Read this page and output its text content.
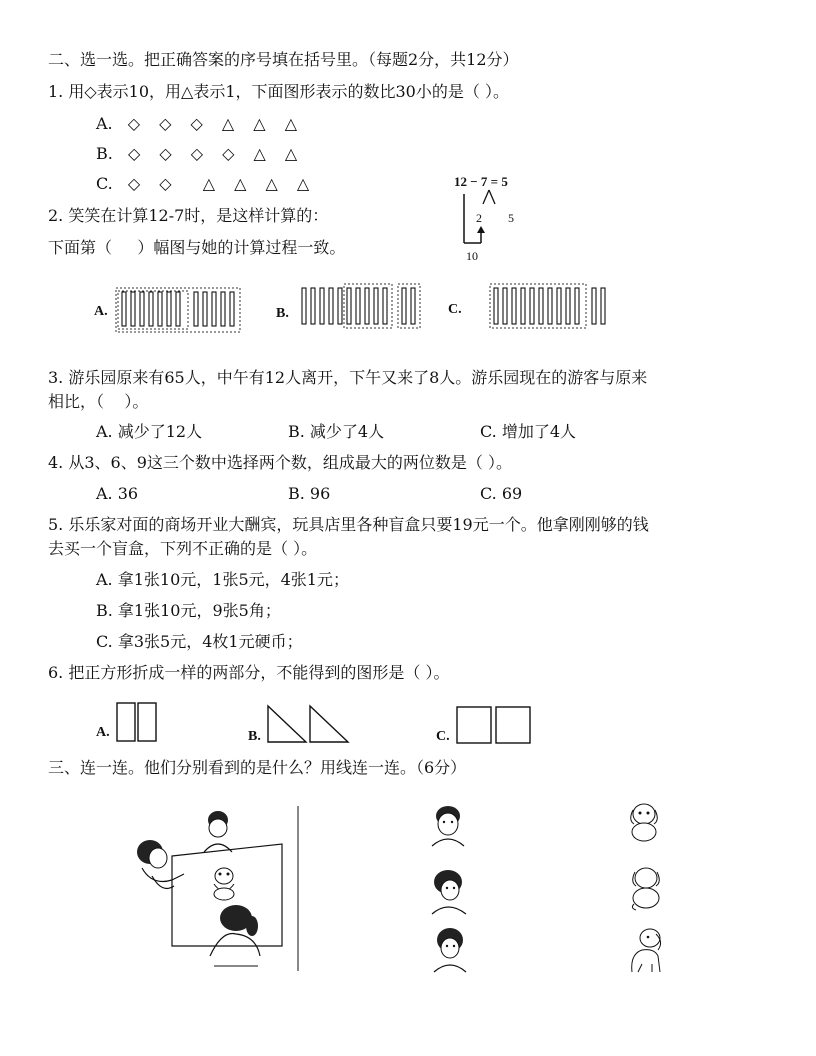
二、选一选。把正确答案的序号填在括号里。（每题2分，共12分）
1. 用◇表示10，用△表示1，下面图形表示的数比30小的是（ ）。
A. ◇ ◇ ◇ △ △ △
B. ◇ ◇ ◇ ◇ △ △
C. ◇ ◇  △ △ △ △
2. 笑笑在计算12-7时，是这样计算的：
下面第（     ）幅图与她的计算过程一致。
12 − 7 = 5
2 5
10
A.	B.	C.
3. 游乐园原来有65人，中午有12人离开，下午又来了8人。游乐园现在的游客与原来
相比，（    ）。
A. 减少了12人	B. 减少了4人	C. 增加了4人
4. 从3、6、9这三个数中选择两个数，组成最大的两位数是（ ）。
A. 36	B. 96	C. 69
5. 乐乐家对面的商场开业大酬宾，玩具店里各种盲盒只要19元一个。他拿刚刚够的钱
去买一个盲盒，下列不正确的是（ ）。
A. 拿1张10元，1张5元，4张1元；
B. 拿1张10元，9张5角；
C. 拿3张5元，4枚1元硬币；
6. 把正方形折成一样的两部分，不能得到的图形是（ ）。
A.	B.	C.
三、连一连。他们分别看到的是什么？用线连一连。（6分）
